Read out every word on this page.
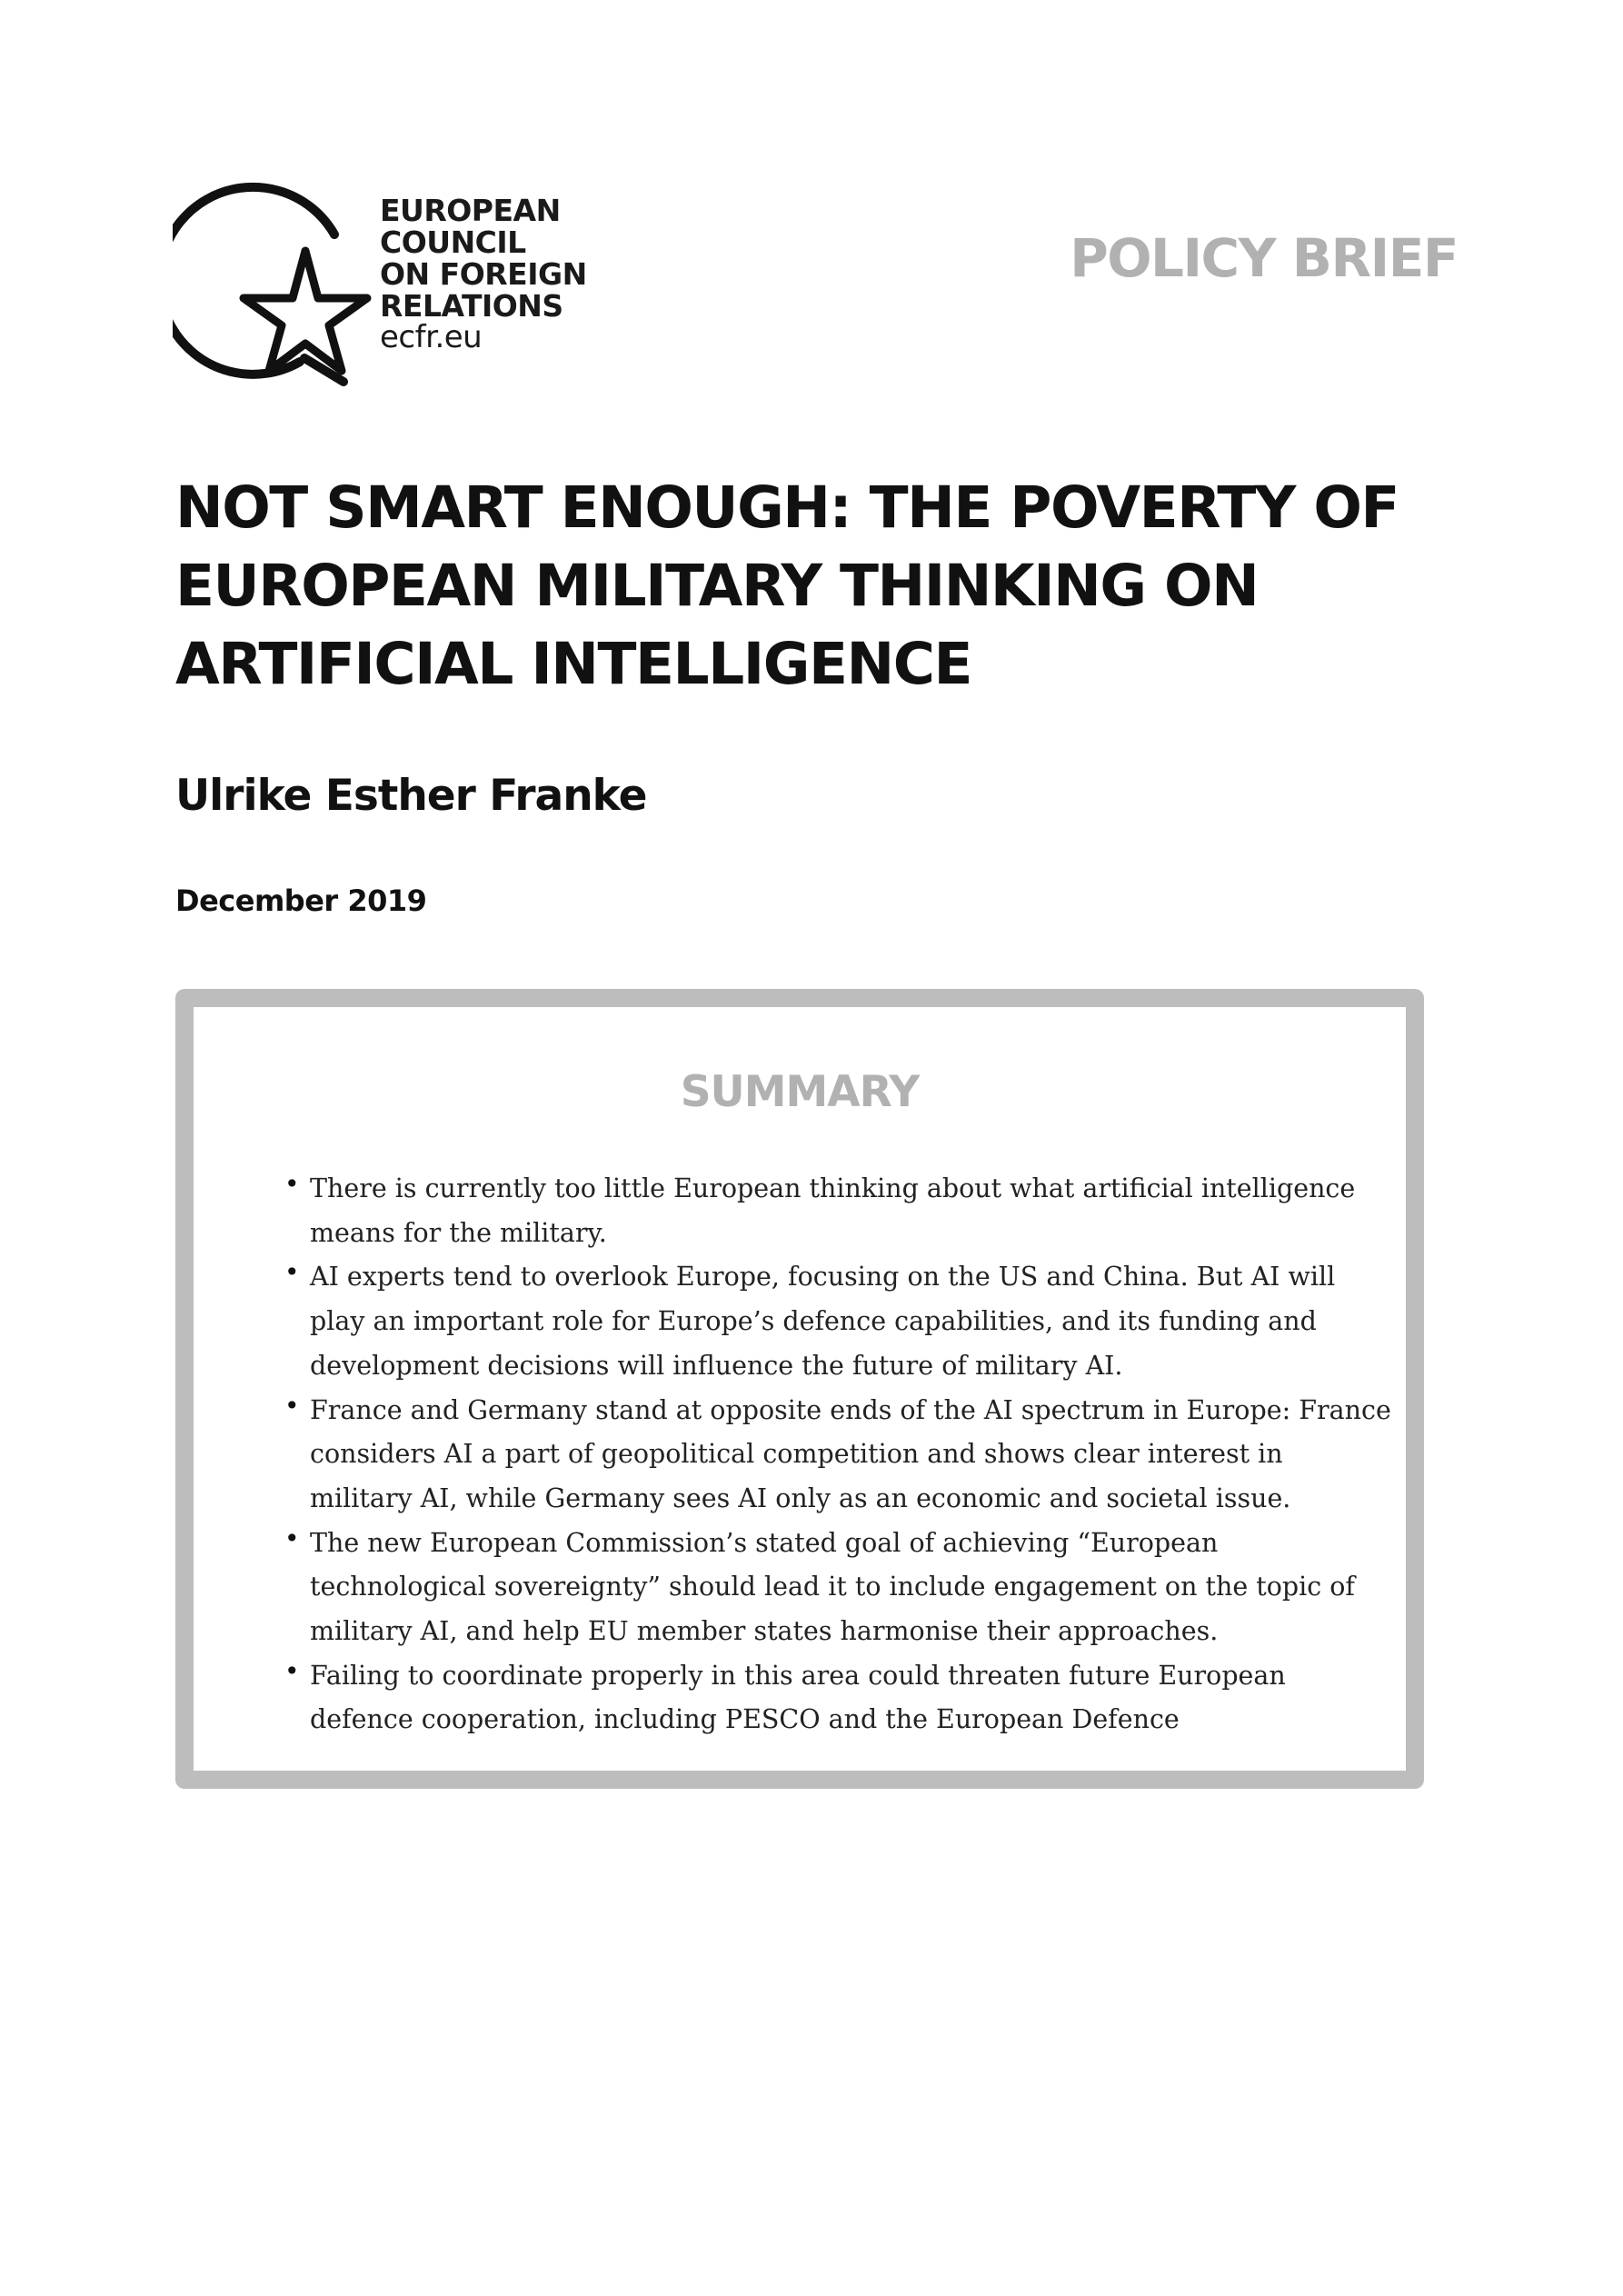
EUROPEAN
COUNCIL
ON FOREIGN
RELATIONS
ecfr.eu
POLICY BRIEF
NOT SMART ENOUGH: THE POVERTY OF
EUROPEAN MILITARY THINKING ON
ARTIFICIAL INTELLIGENCE
Ulrike Esther Franke
December 2019
SUMMARY
• There is currently too little European thinking about what artificial intelligence means for the military.
• AI experts tend to overlook Europe, focusing on the US and China. But AI will play an important role for Europe’s defence capabilities, and its funding and development decisions will influence the future of military AI.
• France and Germany stand at opposite ends of the AI spectrum in Europe: France considers AI a part of geopolitical competition and shows clear interest in military AI, while Germany sees AI only as an economic and societal issue.
• The new European Commission’s stated goal of achieving “European technological sovereignty” should lead it to include engagement on the topic of military AI, and help EU member states harmonise their approaches.
• Failing to coordinate properly in this area could threaten future European defence cooperation, including PESCO and the European Defence
